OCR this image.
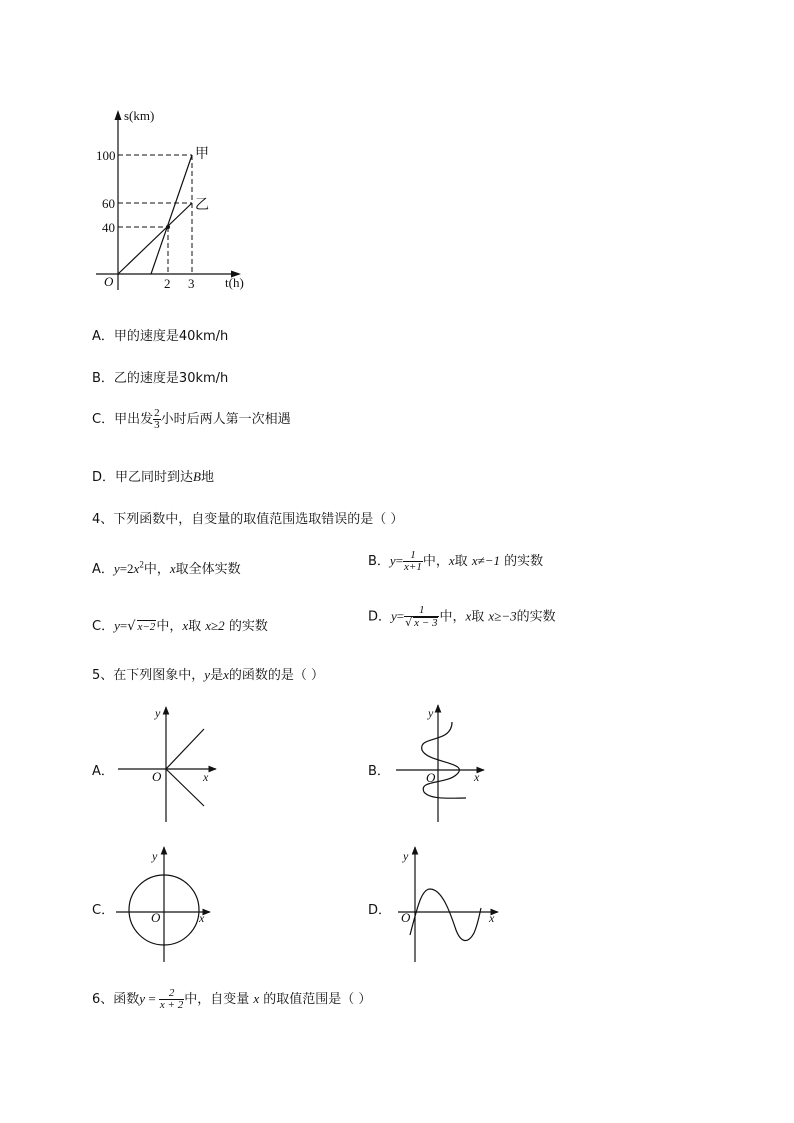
s(km)
t(h)
O
100
60
40
2 3
甲
乙
A．甲的速度是40km/h
B．乙的速度是30km/h
C．甲出发 $\frac{2}{3}$ 小时后两人第一次相遇
D．甲乙同时到达B地
4、下列函数中，自变量的取值范围选取错误的是（ ）
A．$y=2x^2$中，x取全体实数
B．$y= \frac{1}{x+1}$ 中，x取 x≠−1 的实数
C．y=√ x−2中，x取 x≥2 的实数
D．$y= \frac{1}{√ x - 3}$ 中，x取 x≥−3的实数
5、在下列图象中，y是x的函数的是（ ）
A．	B．
C．	D．
y
x
O
y
x
O
y
x
O
y
x
O
6、函数$y = \frac{2}{x + 2}$ 中，自变量 x 的取值范围是（ ）
